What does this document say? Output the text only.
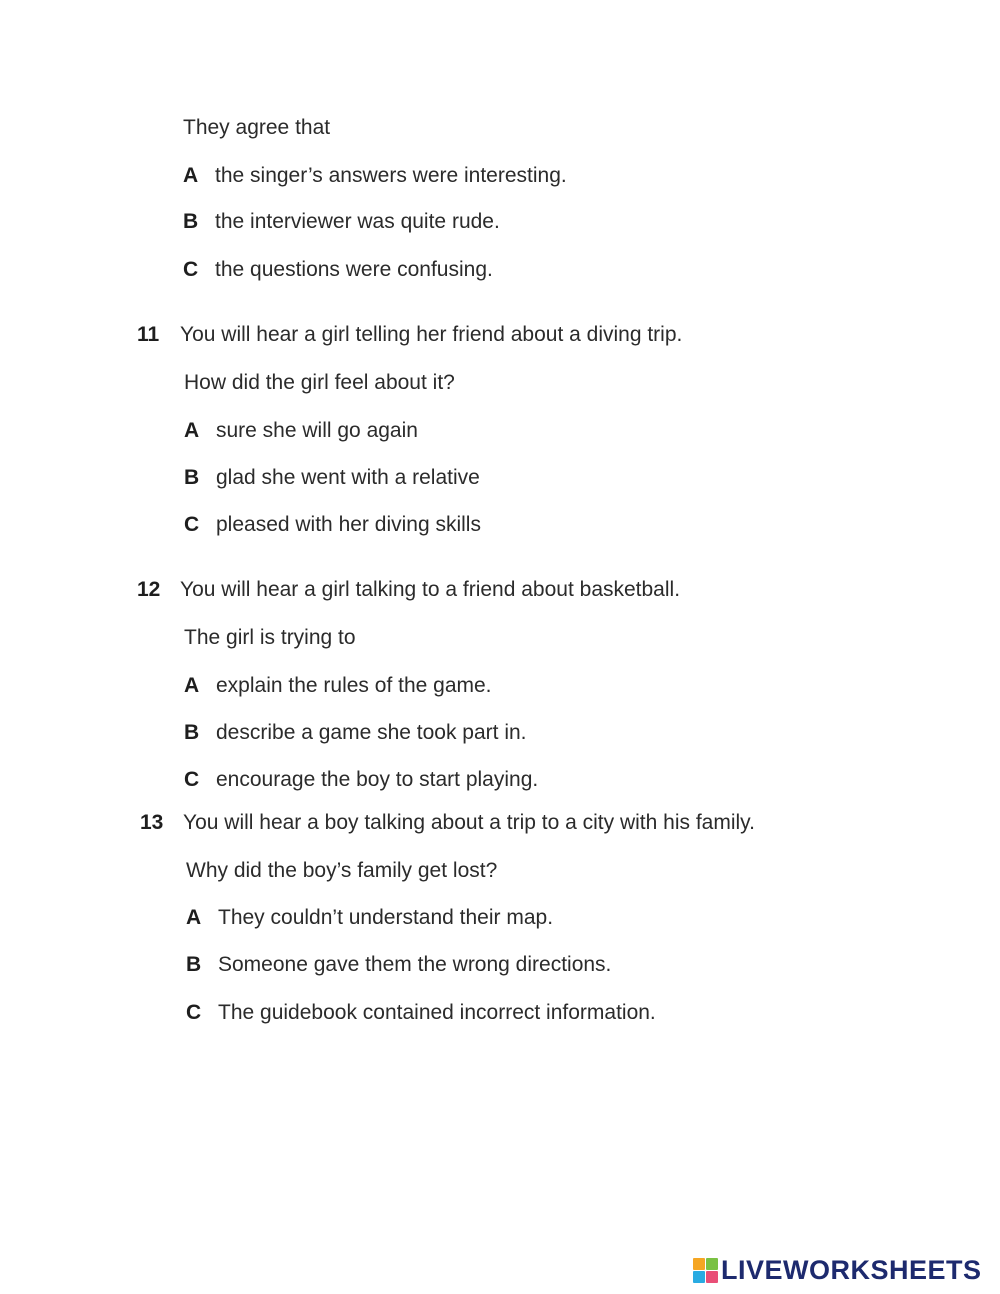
They agree that
A the singer’s answers were interesting.
B the interviewer was quite rude.
C the questions were confusing.
11 You will hear a girl telling her friend about a diving trip.
How did the girl feel about it?
A sure she will go again
B glad she went with a relative
C pleased with her diving skills
12 You will hear a girl talking to a friend about basketball.
The girl is trying to
A explain the rules of the game.
B describe a game she took part in.
C encourage the boy to start playing.
13 You will hear a boy talking about a trip to a city with his family.
Why did the boy’s family get lost?
A They couldn’t understand their map.
B Someone gave them the wrong directions.
C The guidebook contained incorrect information.
LIVEWORKSHEETS
